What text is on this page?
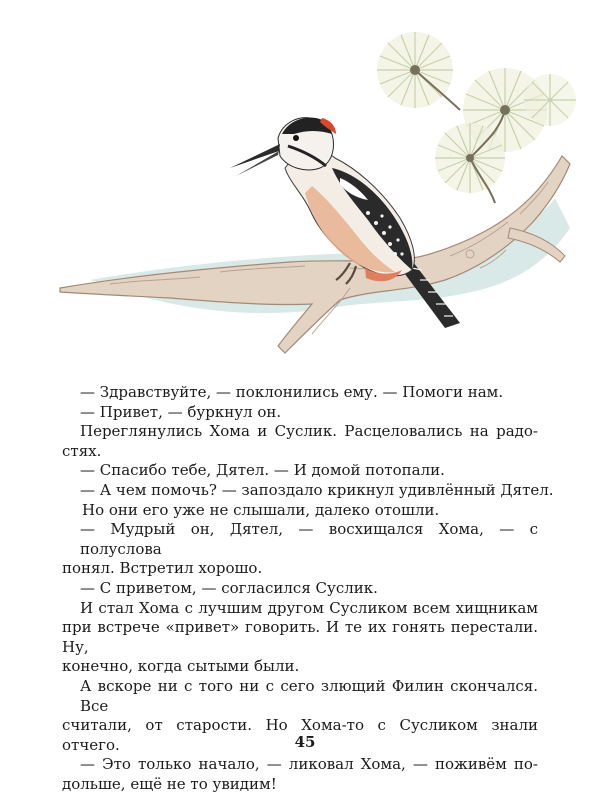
— Здравствуйте, — поклонились ему. — Помоги нам.
— Привет, — буркнул он.
Переглянулись Хома и Суслик. Расцеловались на радо-
стях.
— Спасибо тебе, Дятел. — И домой потопали.
— А чем помочь? — запоздало крикнул удивлённый Дятел.
Но они его уже не слышали, далеко отошли.
— Мудрый он, Дятел, — восхищался Хома, — с полуслова
понял. Встретил хорошо.
— С приветом, — согласился Суслик.
И стал Хома с лучшим другом Сусликом всем хищникам
при встрече «привет» говорить. И те их гонять перестали. Ну,
конечно, когда сытыми были.
А вскоре ни с того ни с сего злющий Филин скончался. Все
считали, от старости. Но Хома-то с Сусликом знали отчего.
— Это только начало, — ликовал Хома, — поживём по-
дольше, ещё не то увидим!
45
